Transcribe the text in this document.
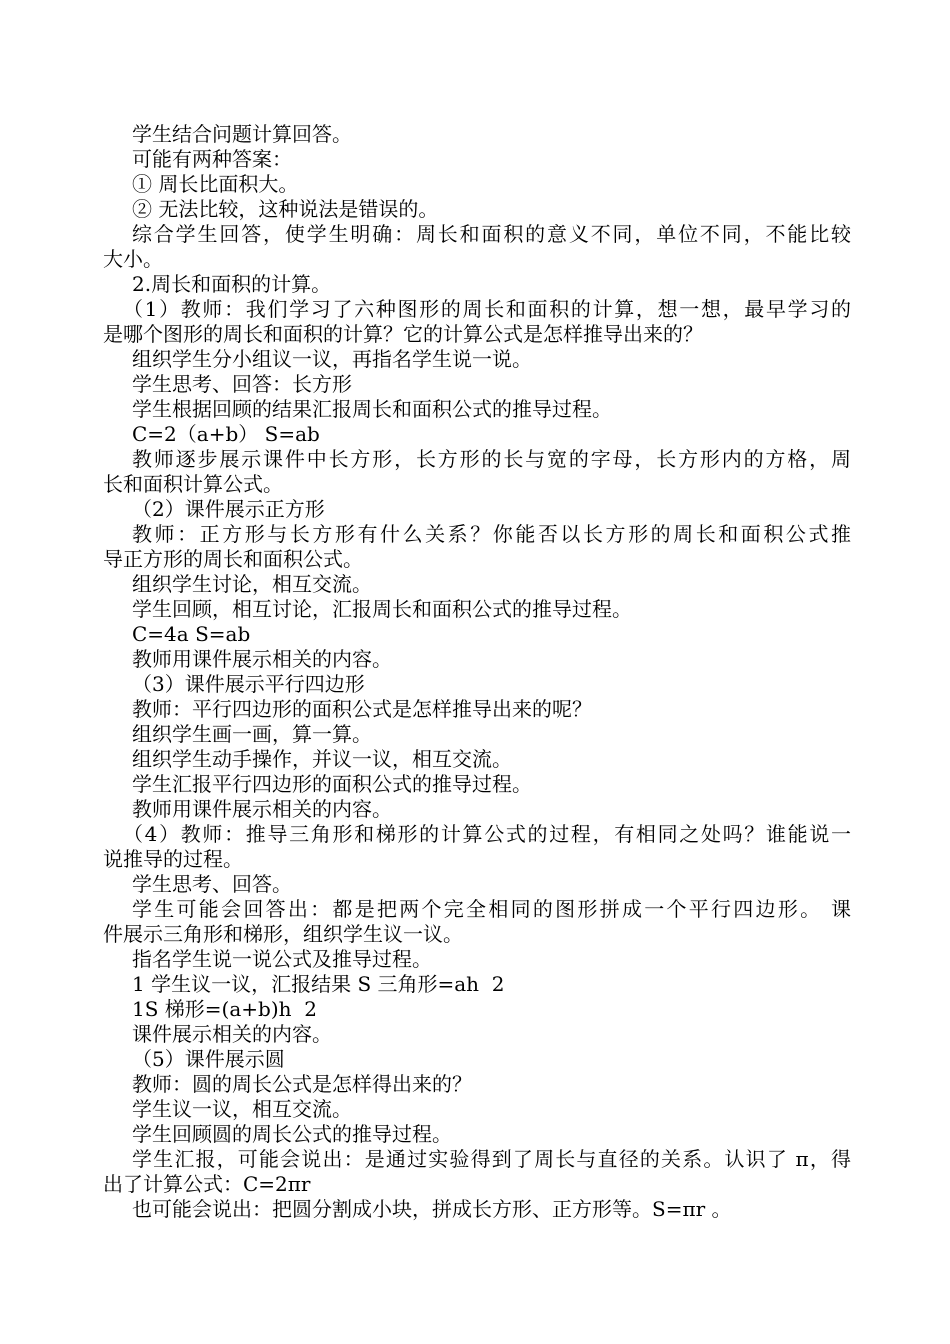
学生结合问题计算回答。
可能有两种答案：
① 周长比面积大。
② 无法比较，这种说法是错误的。
综合学生回答，使学生明确：周长和面积的意义不同，单位不同，不能比较
大小。
2.周长和面积的计算。
（1）教师：我们学习了六种图形的周长和面积的计算，想一想，最早学习的
是哪个图形的周长和面积的计算？它的计算公式是怎样推导出来的？
组织学生分小组议一议，再指名学生说一说。
学生思考、回答：长方形
学生根据回顾的结果汇报周长和面积公式的推导过程。
C=2（a+b） S=ab
教师逐步展示课件中长方形，长方形的长与宽的字母，长方形内的方格，周
长和面积计算公式。
（2）课件展示正方形
教师：正方形与长方形有什么关系？你能否以长方形的周长和面积公式推
导正方形的周长和面积公式。
组织学生讨论，相互交流。
学生回顾，相互讨论，汇报周长和面积公式的推导过程。
C=4a S=ab
教师用课件展示相关的内容。
（3）课件展示平行四边形
教师：平行四边形的面积公式是怎样推导出来的呢？
组织学生画一画，算一算。
组织学生动手操作，并议一议，相互交流。
学生汇报平行四边形的面积公式的推导过程。
教师用课件展示相关的内容。
（4）教师：推导三角形和梯形的计算公式的过程，有相同之处吗？谁能说一
说推导的过程。
学生思考、回答。
学生可能会回答出：都是把两个完全相同的图形拼成一个平行四边形。 课
件展示三角形和梯形，组织学生议一议。
指名学生说一说公式及推导过程。
1 学生议一议，汇报结果 S 三角形=ah  2
1S 梯形=(a+b)h  2
课件展示相关的内容。
（5）课件展示圆
教师：圆的周长公式是怎样得出来的？
学生议一议，相互交流。
学生回顾圆的周长公式的推导过程。
学生汇报，可能会说出：是通过实验得到了周长与直径的关系。认识了 π，得
出了计算公式：C=2πr
也可能会说出：把圆分割成小块，拼成长方形、正方形等。S=πr 。
